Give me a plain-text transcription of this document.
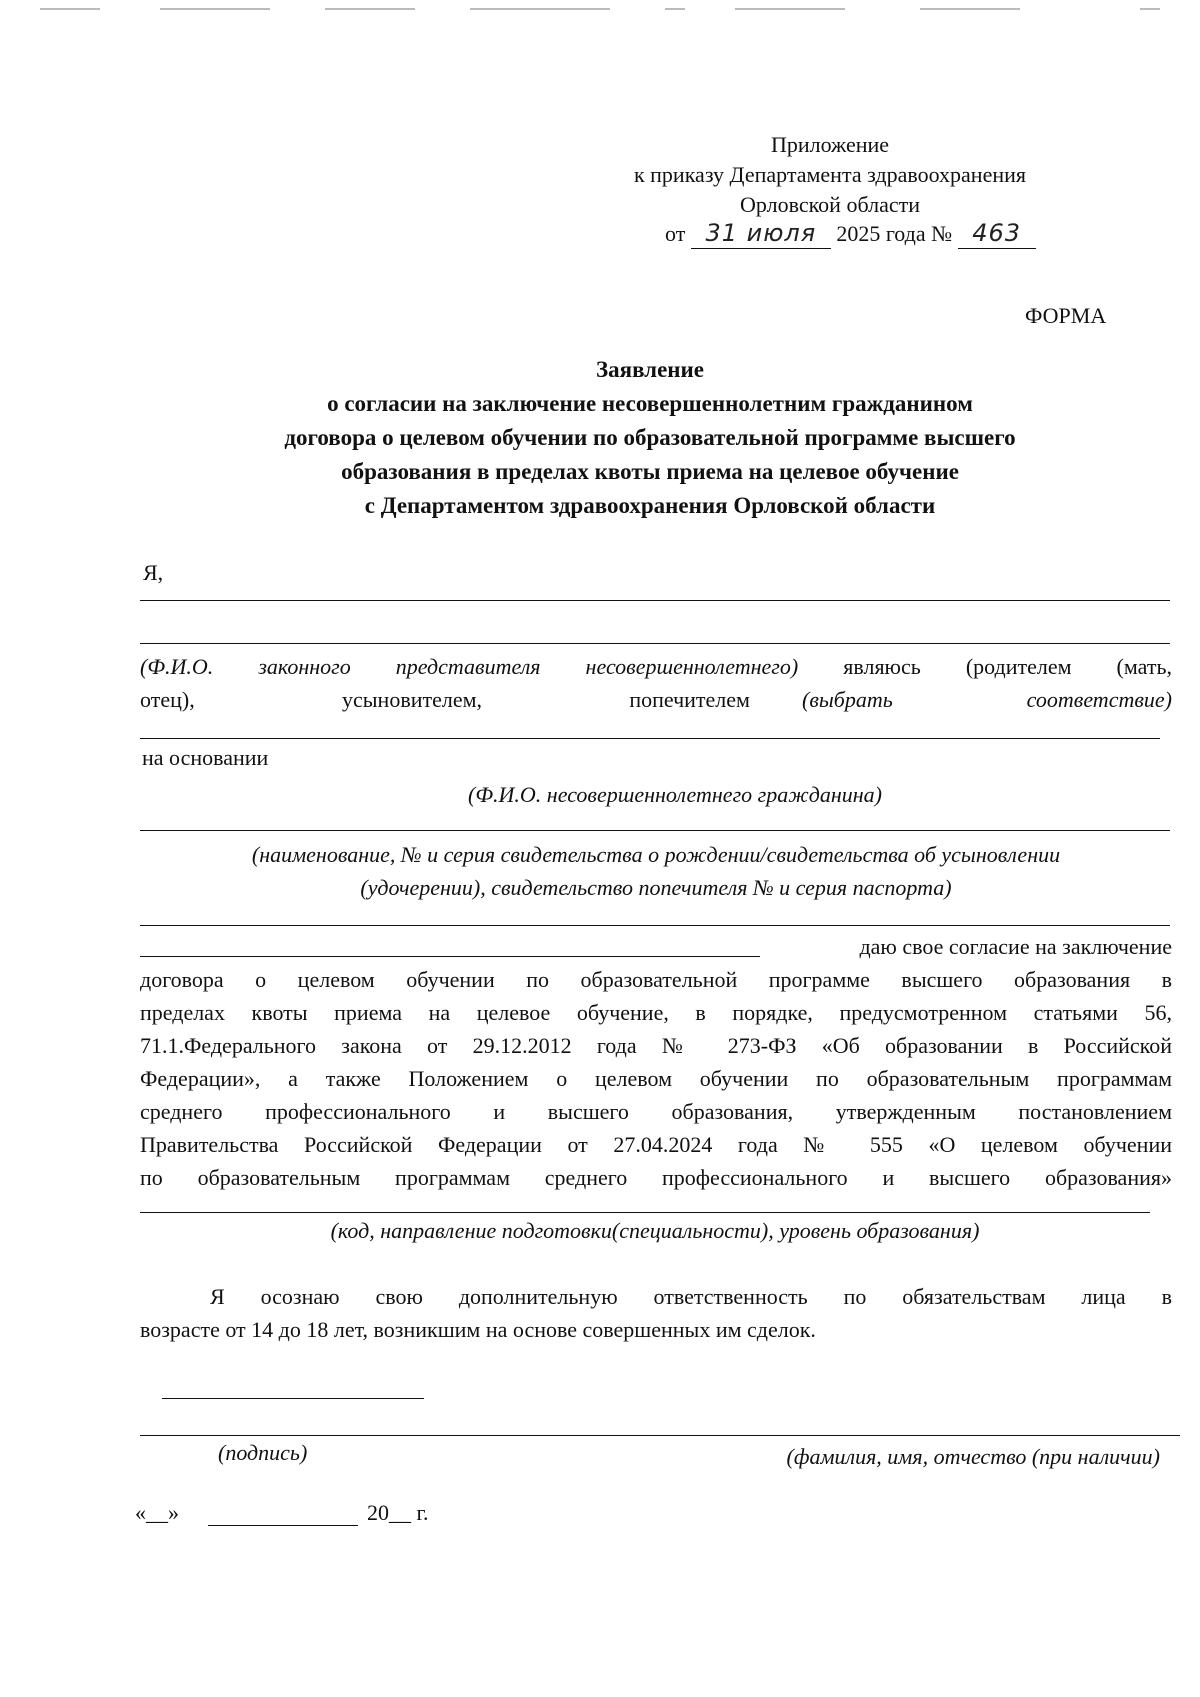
Приложение
к приказу Департамента здравоохранения
Орловской области
от 31 июля 2025 года № 463
ФОРМА
Заявление
о согласии на заключение несовершеннолетним гражданином
договора о целевом обучении по образовательной программе высшего
образования в пределах квоты приема на целевое обучение
с Департаментом здравоохранения Орловской области
Я,
(Ф.И.О. законного представителя несовершеннолетнего) являюсь (родителем (мать,
отец),	усыновителем,	попечителем (выбрать соответствие)
на основании
(Ф.И.О. несовершеннолетнего гражданина)
(наименование, № и серия свидетельства о рождении/свидетельства об усыновлении
(удочерении), свидетельство попечителя № и серия паспорта)
даю свое согласие на заключение
договора о целевом обучении по образовательной программе высшего образования в
пределах квоты приема на целевое обучение, в порядке, предусмотренном статьями 56,
71.1.Федерального закона от 29.12.2012 года № 273-ФЗ «Об образовании в Российской
Федерации», а также Положением о целевом обучении по образовательным программам
среднего профессионального и высшего образования, утвержденным постановлением
Правительства Российской Федерации от 27.04.2024 года № 555 «О целевом обучении
по образовательным программам среднего профессионального и высшего образования»
(код, направление подготовки(специальности), уровень образования)
Я осознаю свою дополнительную ответственность по обязательствам лица в
возрасте от 14 до 18 лет, возникшим на основе совершенных им сделок.
(подпись)	(фамилия, имя, отчество (при наличии)
«__»	20__ г.
